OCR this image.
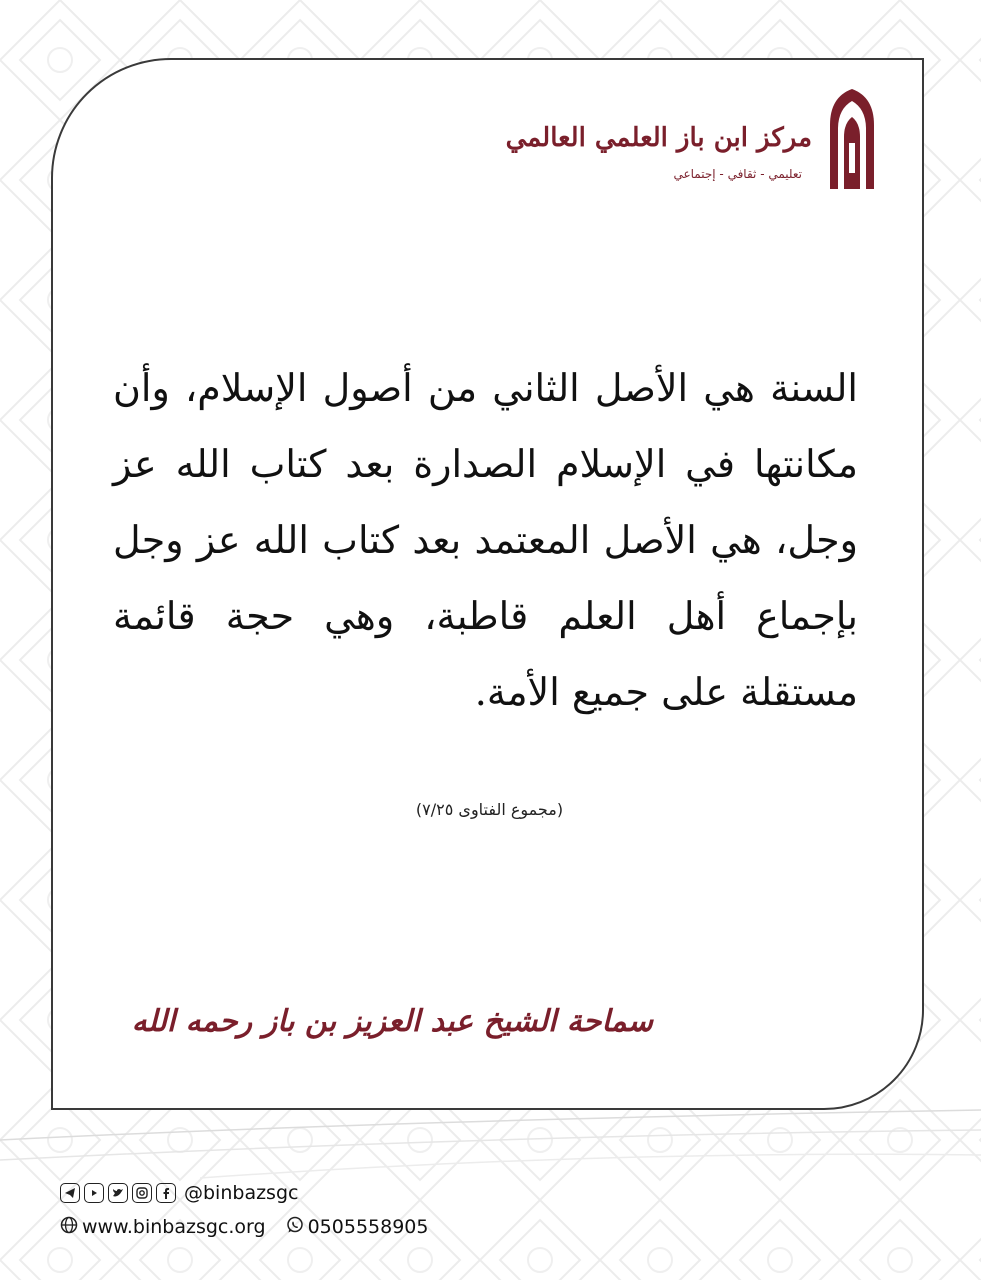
مركز ابن باز العلمي العالمي
تعليمي - ثقافي - إجتماعي
السنة هي الأصل الثاني من أصول الإسلام، وأن مكانتها في الإسلام الصدارة بعد كتاب الله عز وجل، هي الأصل المعتمد بعد كتاب الله عز وجل بإجماع أهل العلم قاطبة، وهي حجة قائمة مستقلة على جميع الأمة.
(مجموع الفتاوى ٧/٢٥)
سماحة الشيخ عبد العزيز بن باز رحمه الله
@binbazsgc
www.binbazsgc.org 0505558905
